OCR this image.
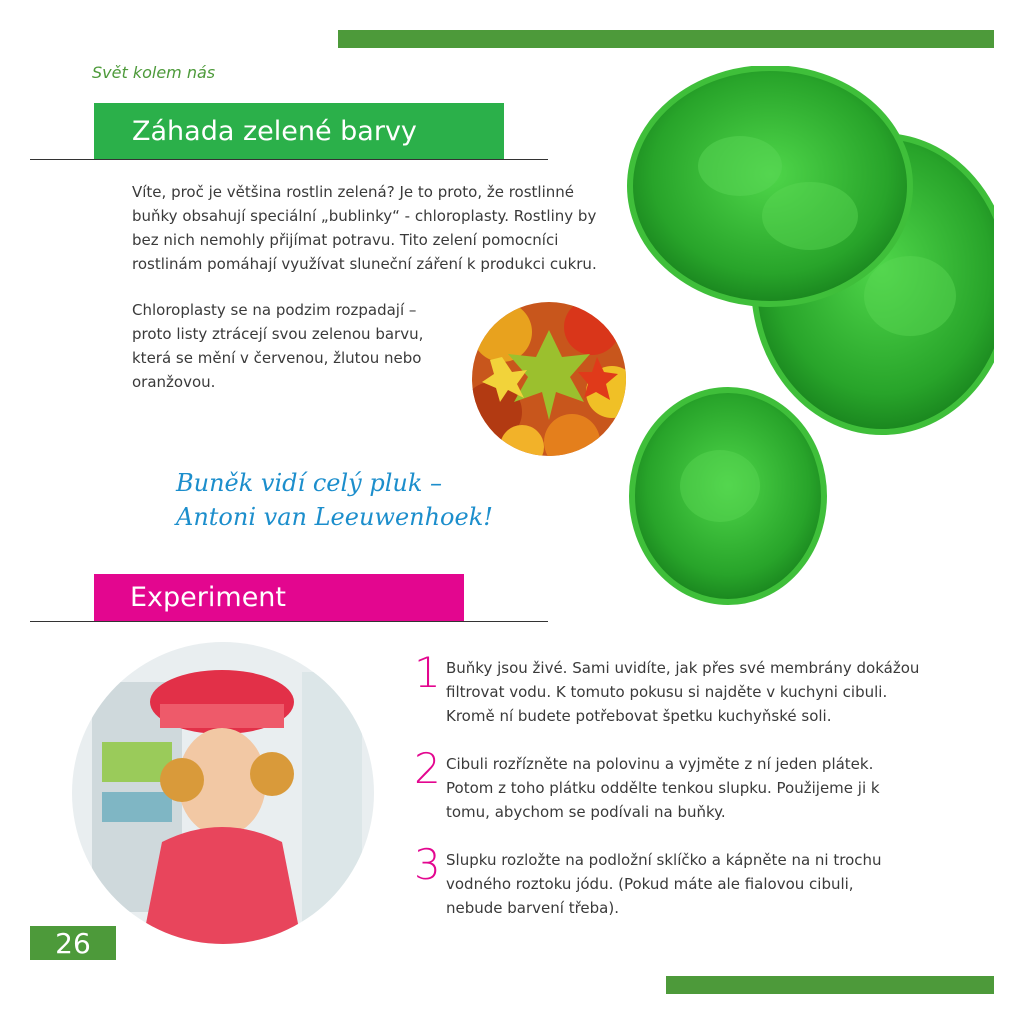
Svět kolem nás
Záhada zelené barvy
Víte, proč je většina rostlin zelená? Je to proto, že rostlinné buňky obsahují speciální „bublinky“ - chloroplasty. Rostliny by bez nich nemohly přijímat potravu. Tito zelení pomocníci rostlinám pomáhají využívat sluneční záření k produkci cukru.
Chloroplasty se na podzim rozpadají – proto listy ztrácejí svou zelenou barvu, která se mění v červenou, žlutou nebo oranžovou.
Buněk vidí celý pluk –
Antoni van Leeuwenhoek!
Experiment
1 Buňky jsou živé. Sami uvidíte, jak přes své membrány dokážou filtrovat vodu. K tomuto pokusu si najděte v kuchyni cibuli. Kromě ní budete potřebovat špetku kuchyňské soli.
2 Cibuli rozřízněte na polovinu a vyjměte z ní jeden plátek. Potom z toho plátku oddělte tenkou slupku. Použijeme ji k tomu, abychom se podívali na buňky.
3 Slupku rozložte na podložní sklíčko a kápněte na ni trochu vodného roztoku jódu. (Pokud máte ale fialovou cibuli, nebude barvení třeba).
26
